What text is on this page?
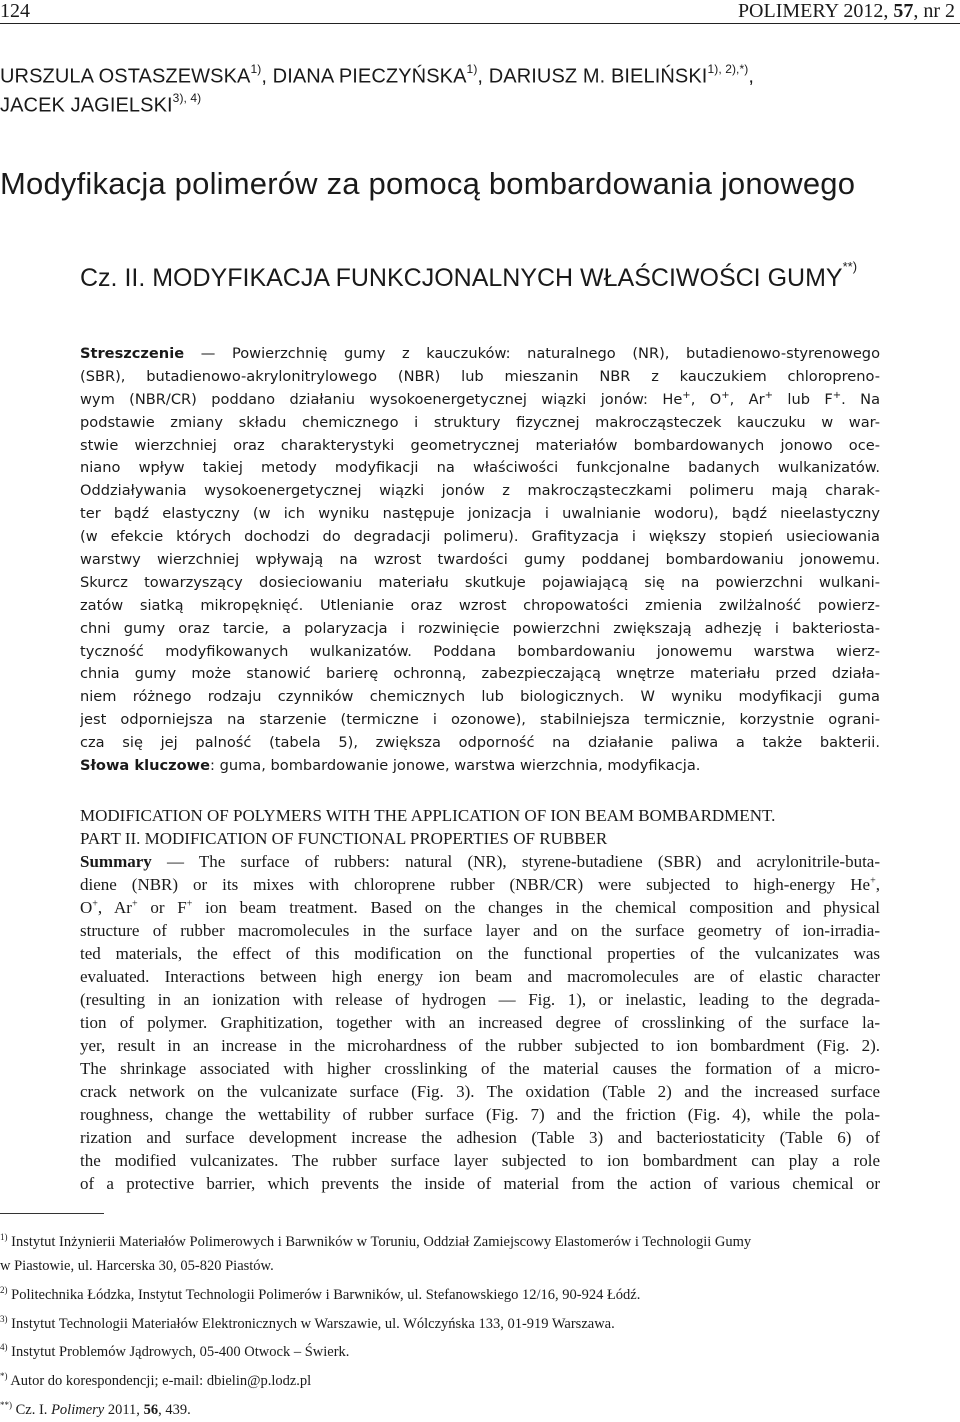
124	POLIMERY 2012, 57, nr 2
URSZULA OSTASZEWSKA$^{1)}$, DIANA PIECZYŃSKA$^{1)}$, DARIUSZ M. $BIELIŃSKI^{1), 2),*)}$,
JACEK $JAGIELSKI^{3), 4)}$
Modyfikacja polimerów za pomocą bombardowania jonowego
Cz. II. MODYFIKACJA FUNKCJONALNYCH WŁAŚCIWOŚCI GUMY**)
Streszczenie — Powierzchnię gumy z kauczuków: naturalnego (NR), butadienowo-styrenowego
(SBR), butadienowo-akrylonitrylowego (NBR) lub mieszanin NBR z kauczukiem chloropreno-
wym (NBR/CR) poddano działaniu wysokoenergetycznej wiązki jonów: He+, O+, Ar+ lub F+. Na
podstawie zmiany składu chemicznego i struktury fizycznej makrocząsteczek kauczuku w war-
stwie wierzchniej oraz charakterystyki geometrycznej materiałów bombardowanych jonowo oce-
niano wpływ takiej metody modyfikacji na właściwości funkcjonalne badanych wulkanizatów.
Oddziaływania wysokoenergetycznej wiązki jonów z makrocząsteczkami polimeru mają charak-
ter bądź elastyczny (w ich wyniku następuje jonizacja i uwalnianie wodoru), bądź nieelastyczny
(w efekcie których dochodzi do degradacji polimeru). Grafityzacja i większy stopień usieciowania
warstwy wierzchniej wpływają na wzrost twardości gumy poddanej bombardowaniu jonowemu.
Skurcz towarzyszący dosieciowaniu materiału skutkuje pojawiającą się na powierzchni wulkani-
zatów siatką mikropęknięć. Utlenianie oraz wzrost chropowatości zmienia zwilżalność powierz-
chni gumy oraz tarcie, a polaryzacja i rozwinięcie powierzchni zwiększają adhezję i bakteriosta-
tyczność modyfikowanych wulkanizatów. Poddana bombardowaniu jonowemu warstwa wierz-
chnia gumy może stanowić barierę ochronną, zabezpieczającą wnętrze materiału przed działa-
niem różnego rodzaju czynników chemicznych lub biologicznych. W wyniku modyfikacji guma
jest odporniejsza na starzenie (termiczne i ozonowe), stabilniejsza termicznie, korzystnie ograni-
cza się jej palność (tabela 5), zwiększa odporność na działanie paliwa a także bakterii.
Słowa kluczowe: guma, bombardowanie jonowe, warstwa wierzchnia, modyfikacja.
MODIFICATION OF POLYMERS WITH THE APPLICATION OF ION BEAM BOMBARDMENT.
PART II. MODIFICATION OF FUNCTIONAL PROPERTIES OF RUBBER
Summary — The surface of rubbers: natural (NR), styrene-butadiene (SBR) and acrylonitrile-buta-
diene (NBR) or its mixes with chloroprene rubber (NBR/CR) were subjected to high-energy He+,
O+, Ar+ or F+ ion beam treatment. Based on the changes in the chemical composition and physical
structure of rubber macromolecules in the surface layer and on the surface geometry of ion-irradia-
ted materials, the effect of this modification on the functional properties of the vulcanizates was
evaluated. Interactions between high energy ion beam and macromolecules are of elastic character
(resulting in an ionization with release of hydrogen — Fig. 1), or inelastic, leading to the degrada-
tion of polymer. Graphitization, together with an increased degree of crosslinking of the surface la-
yer, result in an increase in the microhardness of the rubber subjected to ion bombardment (Fig. 2).
The shrinkage associated with higher crosslinking of the material causes the formation of a micro-
crack network on the vulcanizate surface (Fig. 3). The oxidation (Table 2) and the increased surface
roughness, change the wettability of rubber surface (Fig. 7) and the friction (Fig. 4), while the pola-
rization and surface development increase the adhesion (Table 3) and bacteriostaticity (Table 6) of
the modified vulcanizates. The rubber surface layer subjected to ion bombardment can play a role
of a protective barrier, which prevents the inside of material from the action of various chemical or
$^{1)}$ Instytut Inżynierii Materiałów Polimerowych i Barwników w Toruniu, Oddział Zamiejscowy Elastomerów i Technologii Gumy
w Piastowie, ul. Harcerska 30, 05-820 Piastów.
$^{2)}$ Politechnika Łódzka, Instytut Technologii Polimerów i Barwników, ul. Stefanowskiego 12/16, 90-924 Łódź.
$^{3)}$ Instytut Technologii Materiałów Elektronicznych w Warszawie, ul. Wólczyńska 133, 01-919 Warszawa.
$^{4)}$ Instytut Problemów Jądrowych, 05-400 Otwock – Świerk.
*) Autor do korespondencji; e-mail: dbielin@p.lodz.pl
**) Cz. I. Polimery 2011, 56, 439.
